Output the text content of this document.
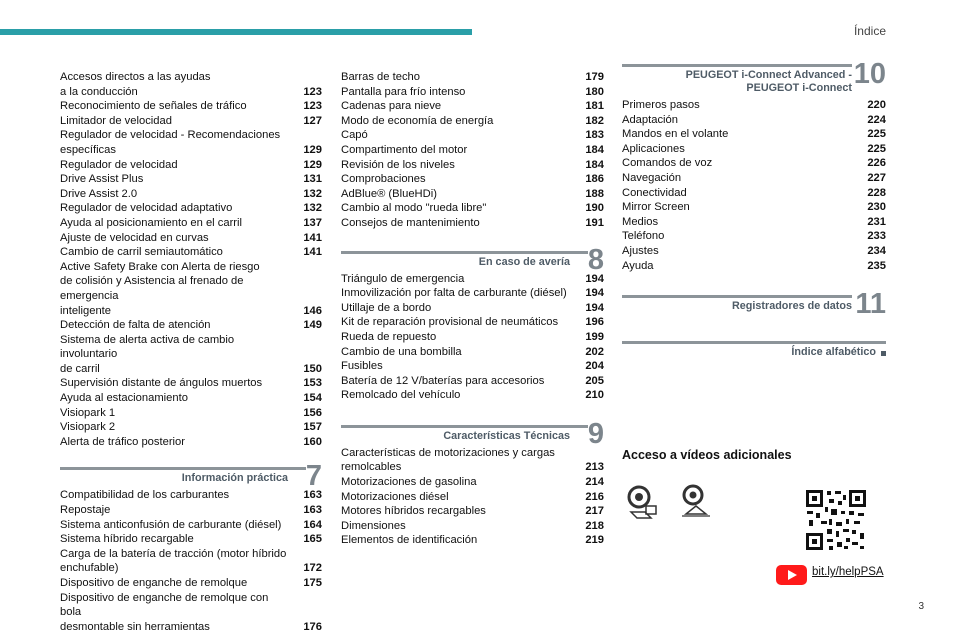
Índice
Accesos directos a las ayudas
a la conducción	123
Reconocimiento de señales de tráfico	123
Limitador de velocidad	127
Regulador de velocidad - Recomendaciones
específicas	129
Regulador de velocidad	129
Drive Assist Plus	131
Drive Assist 2.0	132
Regulador de velocidad adaptativo	132
Ayuda al posicionamiento en el carril	137
Ajuste de velocidad en curvas	141
Cambio de carril semiautomático	141
Active Safety Brake con Alerta de riesgo
de colisión y Asistencia al frenado de emergencia
inteligente	146
Detección de falta de atención	149
Sistema de alerta activa de cambio involuntario
de carril	150
Supervisión distante de ángulos muertos	153
Ayuda al estacionamiento	154
Visiopark 1	156
Visiopark 2	157
Alerta de tráfico posterior	160
Información práctica 7
Compatibilidad de los carburantes	163
Repostaje	163
Sistema anticonfusión de carburante (diésel) 164
Sistema híbrido recargable	165
Carga de la batería de tracción (motor híbrido
enchufable)	172
Dispositivo de enganche de remolque	175
Dispositivo de enganche de remolque con bola
desmontable sin herramientas	176
Barras de techo	179
Pantalla para frío intenso	180
Cadenas para nieve	181
Modo de economía de energía	182
Capó	183
Compartimento del motor	184
Revisión de los niveles	184
Comprobaciones	186
AdBlue® (BlueHDi)	188
Cambio al modo "rueda libre"	190
Consejos de mantenimiento	191
En caso de avería 8
Triángulo de emergencia	194
Inmovilización por falta de carburante (diésel) 194
Utillaje de a bordo	194
Kit de reparación provisional de neumáticos 196
Rueda de repuesto	199
Cambio de una bombilla	202
Fusibles	204
Batería de 12 V/baterías para accesorios	205
Remolcado del vehículo	210
Características Técnicas 9
Características de motorizaciones y cargas
remolcables	213
Motorizaciones de gasolina	214
Motorizaciones diésel	216
Motores híbridos recargables	217
Dimensiones	218
Elementos de identificación	219
PEUGEOT i-Connect Advanced -
PEUGEOT i-Connect 10
Primeros pasos	220
Adaptación	224
Mandos en el volante	225
Aplicaciones	225
Comandos de voz	226
Navegación	227
Conectividad	228
Mirror Screen	230
Medios	231
Teléfono	233
Ajustes	234
Ayuda	235
Registradores de datos 11
Índice alfabético
Acceso a vídeos adicionales
bit.ly/helpPSA
3
